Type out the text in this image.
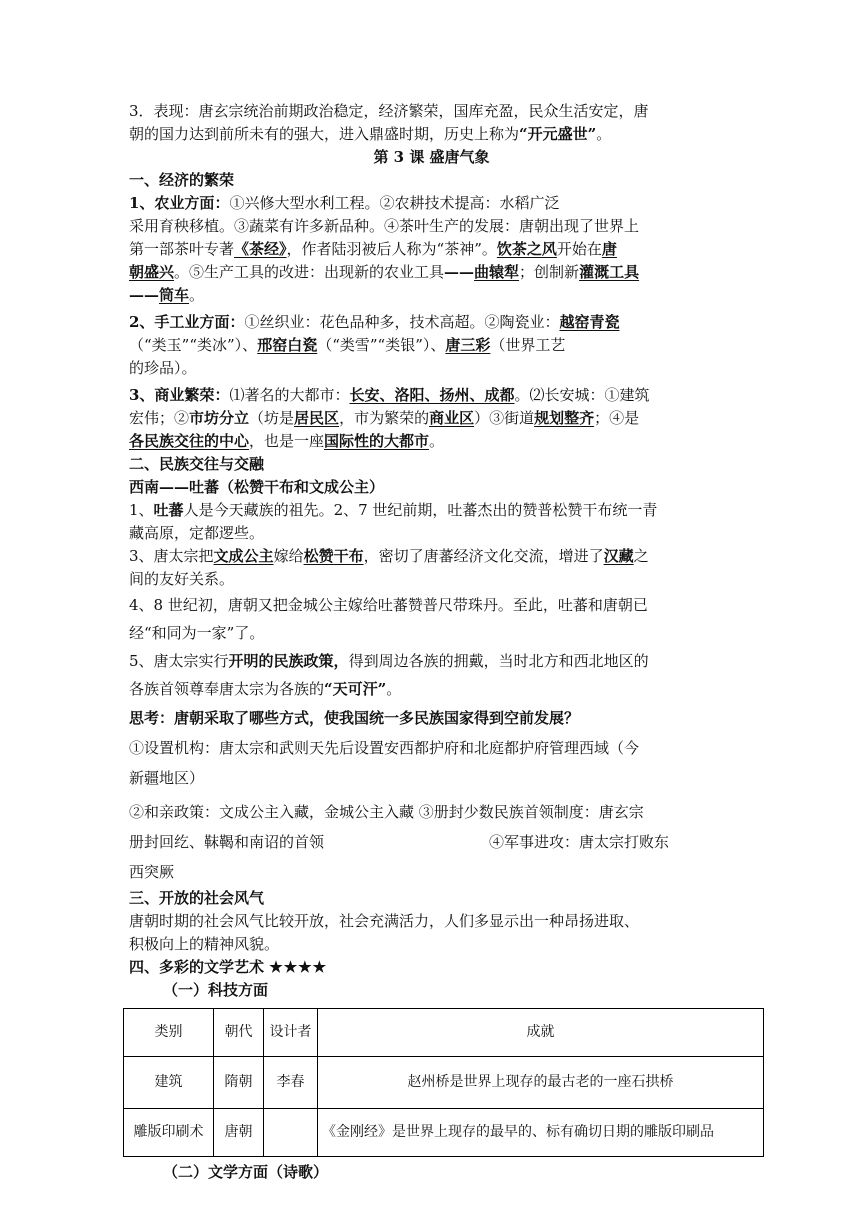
3．表现：唐玄宗统治前期政治稳定，经济繁荣，国库充盈，民众生活安定，唐

朝的国力达到前所未有的强大，进入鼎盛时期，历史上称为“开元盛世”。

第 3 课 盛唐气象

一、经济的繁荣

1、农业方面：①兴修大型水利工程。②农耕技术提高：水稻广泛

采用育秧移植。③蔬菜有许多新品种。④茶叶生产的发展：唐朝出现了世界上

第一部茶叶专著《茶经》，作者陆羽被后人称为“茶神”。饮茶之风开始在唐

朝盛兴。⑤生产工具的改进：出现新的农业工具——曲辕犁；创制新灌溉工具

——筒车。

2、手工业方面：①丝织业：花色品种多，技术高超。②陶瓷业：越窑青瓷

（“类玉”“类冰”）、邢窑白瓷（“类雪”“类银”）、唐三彩（世界工艺

的珍品）。

3、商业繁荣：⑴著名的大都市：长安、洛阳、扬州、成都。⑵长安城：①建筑

宏伟；②市坊分立（坊是居民区，市为繁荣的商业区）③街道规划整齐；④是

各民族交往的中心，也是一座国际性的大都市。

二、民族交往与交融

西南——吐蕃（松赞干布和文成公主）

1、吐蕃人是今天藏族的祖先。2、7 世纪前期，吐蕃杰出的赞普松赞干布统一青

藏高原，定都逻些。

3、唐太宗把文成公主嫁给松赞干布，密切了唐蕃经济文化交流，增进了汉藏之

间的友好关系。

4、8 世纪初，唐朝又把金城公主嫁给吐蕃赞普尺带珠丹。至此，吐蕃和唐朝已

经“和同为一家”了。

5、唐太宗实行开明的民族政策，得到周边各族的拥戴，当时北方和西北地区的

各族首领尊奉唐太宗为各族的“天可汗”。

思考：唐朝采取了哪些方式，使我国统一多民族国家得到空前发展？

①设置机构：唐太宗和武则天先后设置安西都护府和北庭都护府管理西域（今

新疆地区）

②和亲政策：文成公主入藏，金城公主入藏 ③册封少数民族首领制度：唐玄宗

册封回纥、靺鞨和南诏的首领	④军事进攻：唐太宗打败东

西突厥

三、开放的社会风气

唐朝时期的社会风气比较开放，社会充满活力，人们多显示出一种昂扬进取、

积极向上的精神风貌。

四、多彩的文学艺术 ★★★★

（一）科技方面

类别	朝代	设计者	成就
建筑	隋朝	李春	赵州桥是世界上现存的最古老的一座石拱桥
雕版印刷术	唐朝		《金刚经》是世界上现存的最早的、标有确切日期的雕版印刷品

（二）文学方面（诗歌）
